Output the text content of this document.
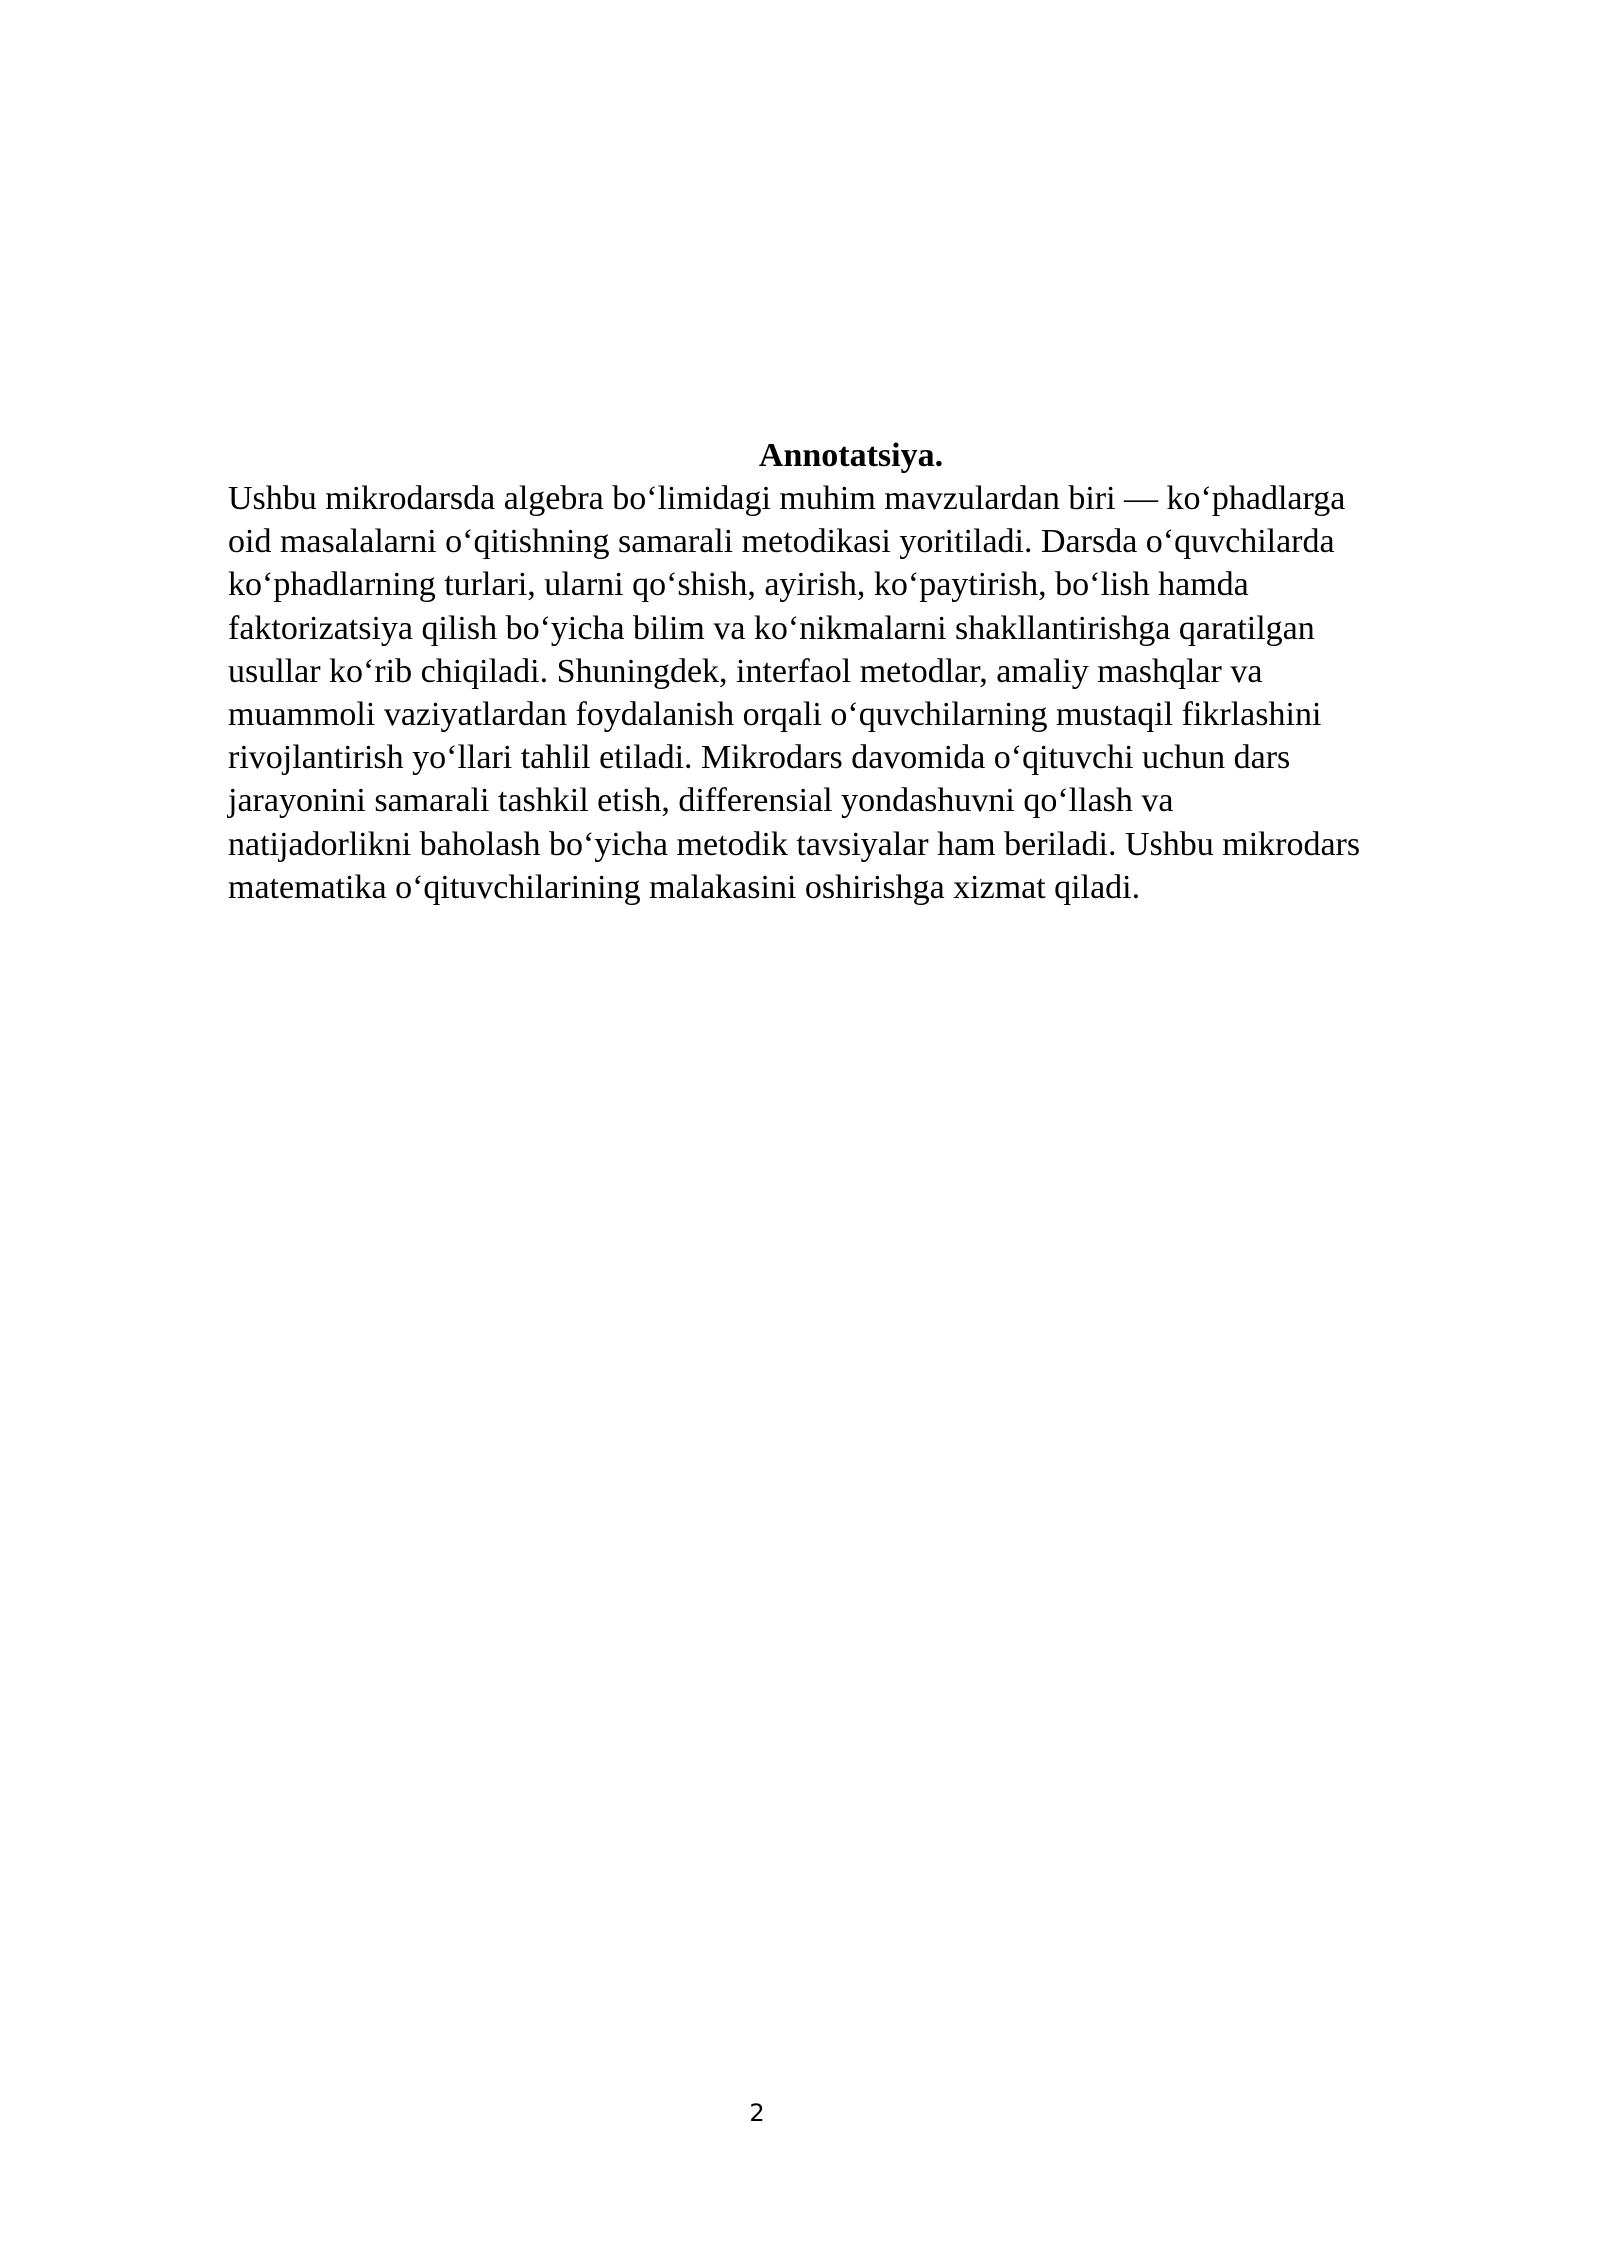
Annotatsiya.

Ushbu mikrodarsda algebra bo‘limidagi muhim mavzulardan biri — ko‘phadlarga
oid masalalarni o‘qitishning samarali metodikasi yoritiladi. Darsda o‘quvchilarda
ko‘phadlarning turlari, ularni qo‘shish, ayirish, ko‘paytirish, bo‘lish hamda
faktorizatsiya qilish bo‘yicha bilim va ko‘nikmalarni shakllantirishga qaratilgan
usullar ko‘rib chiqiladi. Shuningdek, interfaol metodlar, amaliy mashqlar va
muammoli vaziyatlardan foydalanish orqali o‘quvchilarning mustaqil fikrlashini
rivojlantirish yo‘llari tahlil etiladi. Mikrodars davomida o‘qituvchi uchun dars
jarayonini samarali tashkil etish, differensial yondashuvni qo‘llash va
natijadorlikni baholash bo‘yicha metodik tavsiyalar ham beriladi. Ushbu mikrodars
matematika o‘qituvchilarining malakasini oshirishga xizmat qiladi.

2
